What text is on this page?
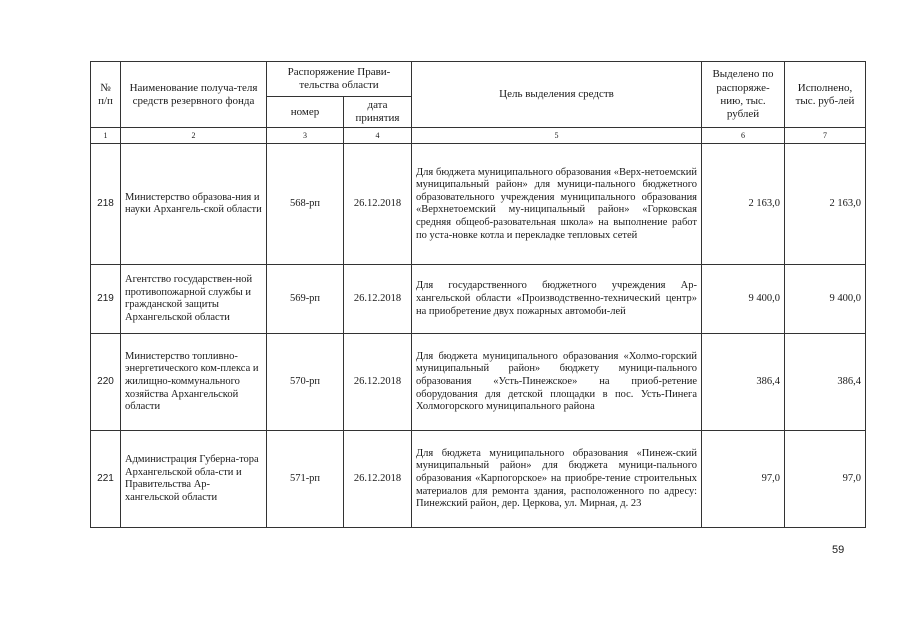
№ п/п	Наименование получа-теля средств резервного фонда	Распоряжение Прави-тельства области		Цель выделения средств	Выделено по распоряже-нию, тыс. рублей	Исполнено, тыс. руб-лей
		номер	дата принятия			
1	2	3	4	5	6	7
218	Министерство образова-ния и науки Архангель-ской области	568-рп	26.12.2018	Для бюджета муниципального образования «Верх-нетоемский муниципальный район» для муници-пального бюджетного образовательного учреждения муниципального образования «Верхнетоемский му-ниципальный район» «Горковская средняя общеоб-разовательная школа» на выполнение работ по уста-новке котла и перекладке тепловых сетей	2 163,0	2 163,0
219	Агентство государствен-ной противопожарной службы и гражданской защиты Архангельской области	569-рп	26.12.2018	Для государственного бюджетного учреждения Ар-хангельской области «Производственно-технический центр» на приобретение двух пожарных автомоби-лей	9 400,0	9 400,0
220	Министерство топливно-энергетического ком-плекса и жилищно-коммунального хозяйства Архангельской области	570-рп	26.12.2018	Для бюджета муниципального образования «Холмо-горский муниципальный район» бюджету муници-пального образования «Усть-Пинежское» на приоб-ретение оборудования для детской площадки в пос. Усть-Пинега Холмогорского муниципального района	386,4	386,4
221	Администрация Губерна-тора Архангельской обла-сти и Правительства Ар-хангельской области	571-рп	26.12.2018	Для бюджета муниципального образования «Пинеж-ский муниципальный район» для бюджета муници-пального образования «Карпогорское» на приобре-тение строительных материалов для ремонта здания, расположенного по адресу: Пинежский район, дер. Церкова, ул. Мирная, д. 23	97,0	97,0
59
